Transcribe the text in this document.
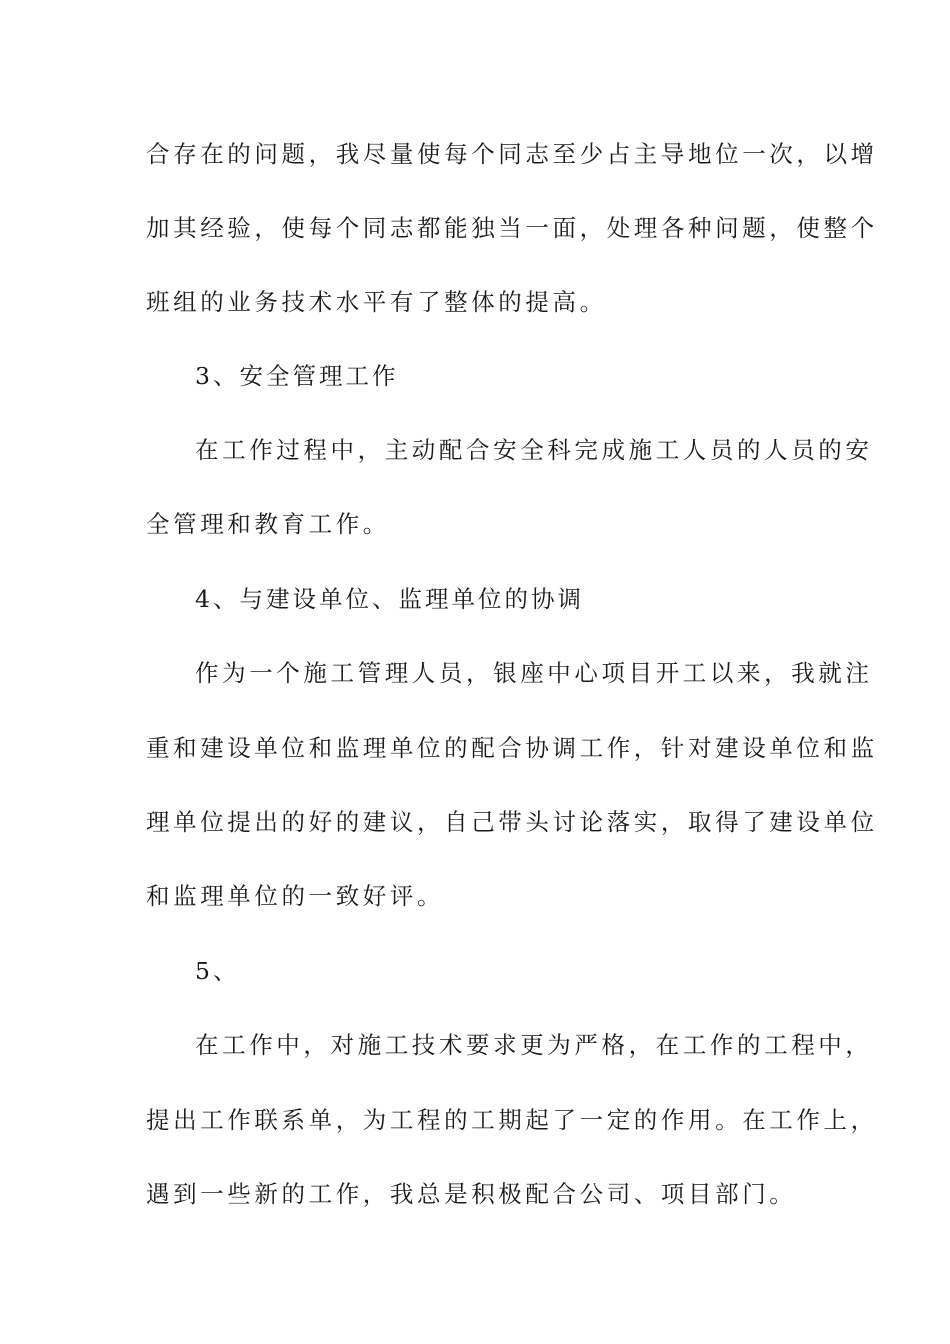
合存在的问题，我尽量使每个同志至少占主导地位一次，以增
加其经验，使每个同志都能独当一面，处理各种问题，使整个
班组的业务技术水平有了整体的提高。
3、安全管理工作
在工作过程中，主动配合安全科完成施工人员的人员的安
全管理和教育工作。
4、与建设单位、监理单位的协调
作为一个施工管理人员，银座中心项目开工以来，我就注
重和建设单位和监理单位的配合协调工作，针对建设单位和监
理单位提出的好的建议，自己带头讨论落实，取得了建设单位
和监理单位的一致好评。
5、
在工作中，对施工技术要求更为严格，在工作的工程中，
提出工作联系单，为工程的工期起了一定的作用。在工作上，
遇到一些新的工作，我总是积极配合公司、项目部门。
